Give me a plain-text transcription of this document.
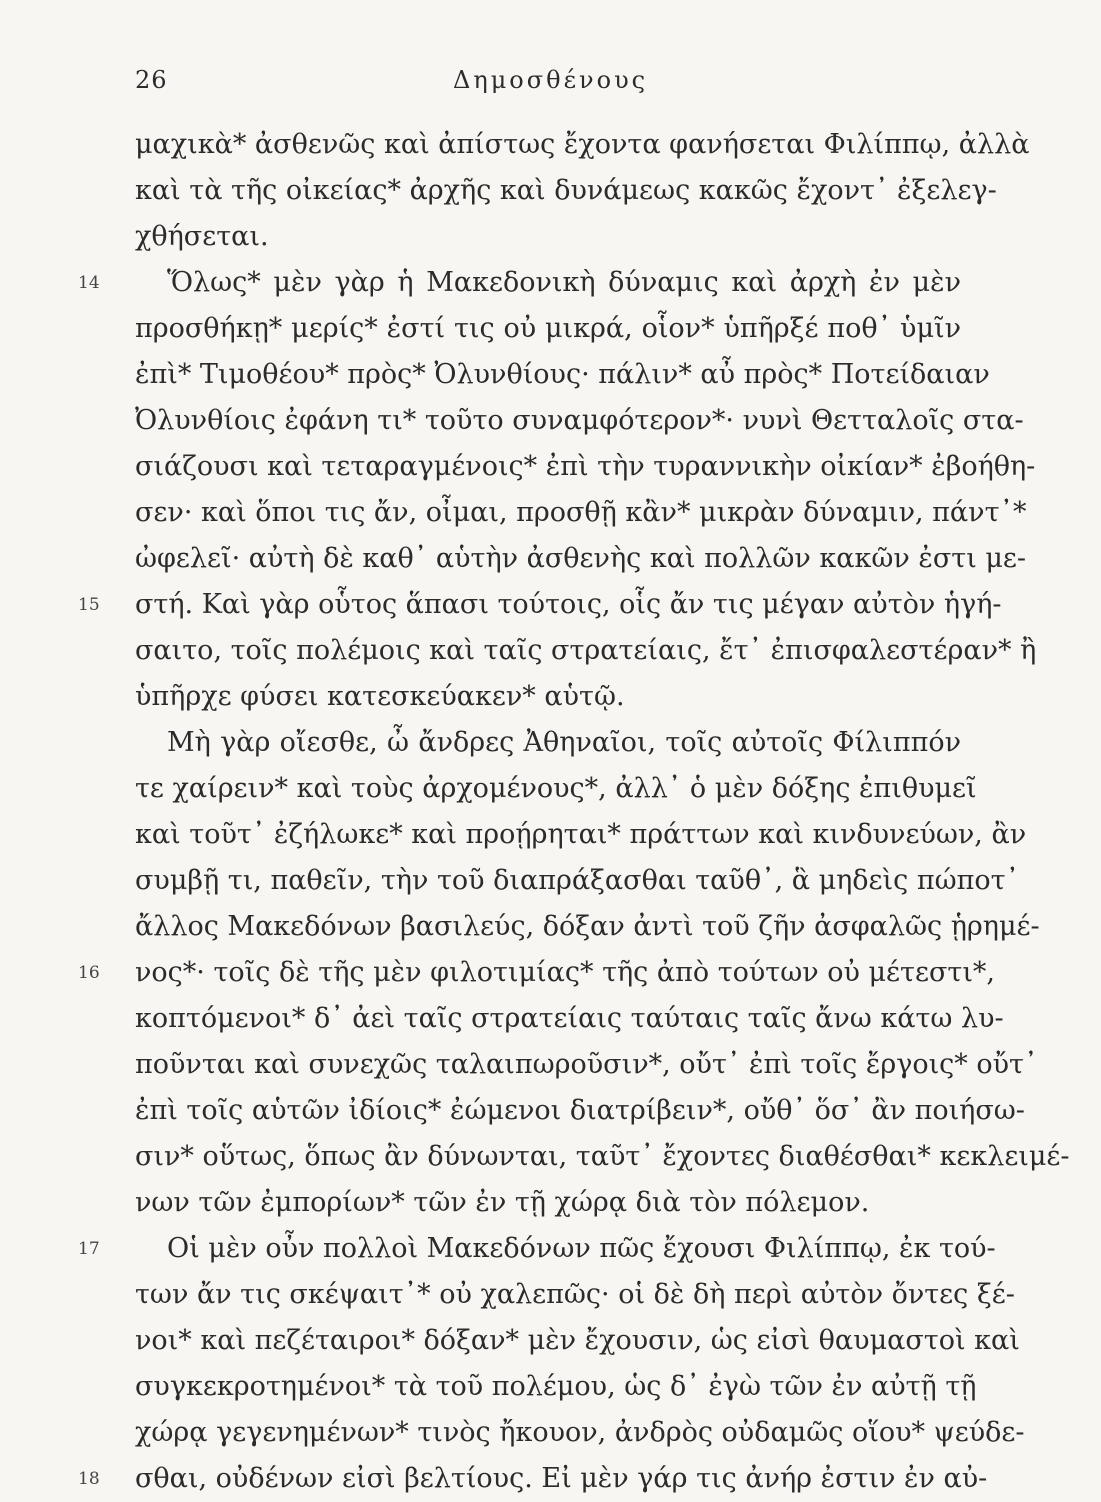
26	Δημοσθένους
μαχικὰ* ἀσθενῶς καὶ ἀπίστως ἔχοντα φανήσεται Φιλίππῳ, ἀλλὰ
καὶ τὰ τῆς οἰκείας* ἀρχῆς καὶ δυνάμεως κακῶς ἔχοντ᾽ ἐξελεγ-
χθήσεται.
14 Ὅλως* μὲν γὰρ ἡ Μακεδονικὴ δύναμις καὶ ἀρχὴ ἐν μὲν
προσθήκῃ* μερίς* ἐστί τις οὐ μικρά, οἷον* ὑπῆρξέ ποθ᾽ ὑμῖν
ἐπὶ* Τιμοθέου* πρὸς* Ὀλυνθίους· πάλιν* αὖ πρὸς* Ποτείδαιαν
Ὀλυνθίοις ἐφάνη τι* τοῦτο συναμφότερον*· νυνὶ Θετταλοῖς στα-
σιάζουσι καὶ τεταραγμένοις* ἐπὶ τὴν τυραννικὴν οἰκίαν* ἐβοήθη-
σεν· καὶ ὅποι τις ἄν, οἶμαι, προσθῇ κἂν* μικρὰν δύναμιν, πάντ᾽*
ὠφελεῖ· αὐτὴ δὲ καθ᾽ αὑτὴν ἀσθενὴς καὶ πολλῶν κακῶν ἐστι με-
15 στή. Καὶ γὰρ οὗτος ἅπασι τούτοις, οἷς ἄν τις μέγαν αὐτὸν ἡγή-
σαιτο, τοῖς πολέμοις καὶ ταῖς στρατείαις, ἔτ᾽ ἐπισφαλεστέραν* ἢ
ὑπῆρχε φύσει κατεσκεύακεν* αὑτῷ.
Μὴ γὰρ οἴεσθε, ὦ ἄνδρες Ἀθηναῖοι, τοῖς αὐτοῖς Φίλιππόν
τε χαίρειν* καὶ τοὺς ἀρχομένους*, ἀλλ᾽ ὁ μὲν δόξης ἐπιθυμεῖ
καὶ τοῦτ᾽ ἐζήλωκε* καὶ προῄρηται* πράττων καὶ κινδυνεύων, ἂν
συμβῇ τι, παθεῖν, τὴν τοῦ διαπράξασθαι ταῦθ᾽, ἃ μηδεὶς πώποτ᾽
ἄλλος Μακεδόνων βασιλεύς, δόξαν ἀντὶ τοῦ ζῆν ἀσφαλῶς ᾑρημέ-
16 νος*· τοῖς δὲ τῆς μὲν φιλοτιμίας* τῆς ἀπὸ τούτων οὐ μέτεστι*,
κοπτόμενοι* δ᾽ ἀεὶ ταῖς στρατείαις ταύταις ταῖς ἄνω κάτω λυ-
ποῦνται καὶ συνεχῶς ταλαιπωροῦσιν*, οὔτ᾽ ἐπὶ τοῖς ἔργοις* οὔτ᾽
ἐπὶ τοῖς αὑτῶν ἰδίοις* ἐώμενοι διατρίβειν*, οὔθ᾽ ὅσ᾽ ἂν ποιήσω-
σιν* οὕτως, ὅπως ἂν δύνωνται, ταῦτ᾽ ἔχοντες διαθέσθαι* κεκλειμέ-
νων τῶν ἐμπορίων* τῶν ἐν τῇ χώρᾳ διὰ τὸν πόλεμον.
17 Οἱ μὲν οὖν πολλοὶ Μακεδόνων πῶς ἔχουσι Φιλίππῳ, ἐκ τού-
των ἄν τις σκέψαιτ᾽* οὐ χαλεπῶς· οἱ δὲ δὴ περὶ αὐτὸν ὄντες ξέ-
νοι* καὶ πεζέταιροι* δόξαν* μὲν ἔχουσιν, ὡς εἰσὶ θαυμαστοὶ καὶ
συγκεκροτημένοι* τὰ τοῦ πολέμου, ὡς δ᾽ ἐγὼ τῶν ἐν αὐτῇ τῇ
χώρᾳ γεγενημένων* τινὸς ἤκουον, ἀνδρὸς οὐδαμῶς οἵου* ψεύδε-
18 σθαι, οὐδένων εἰσὶ βελτίους. Εἰ μὲν γάρ τις ἀνήρ ἐστιν ἐν αὐ-
